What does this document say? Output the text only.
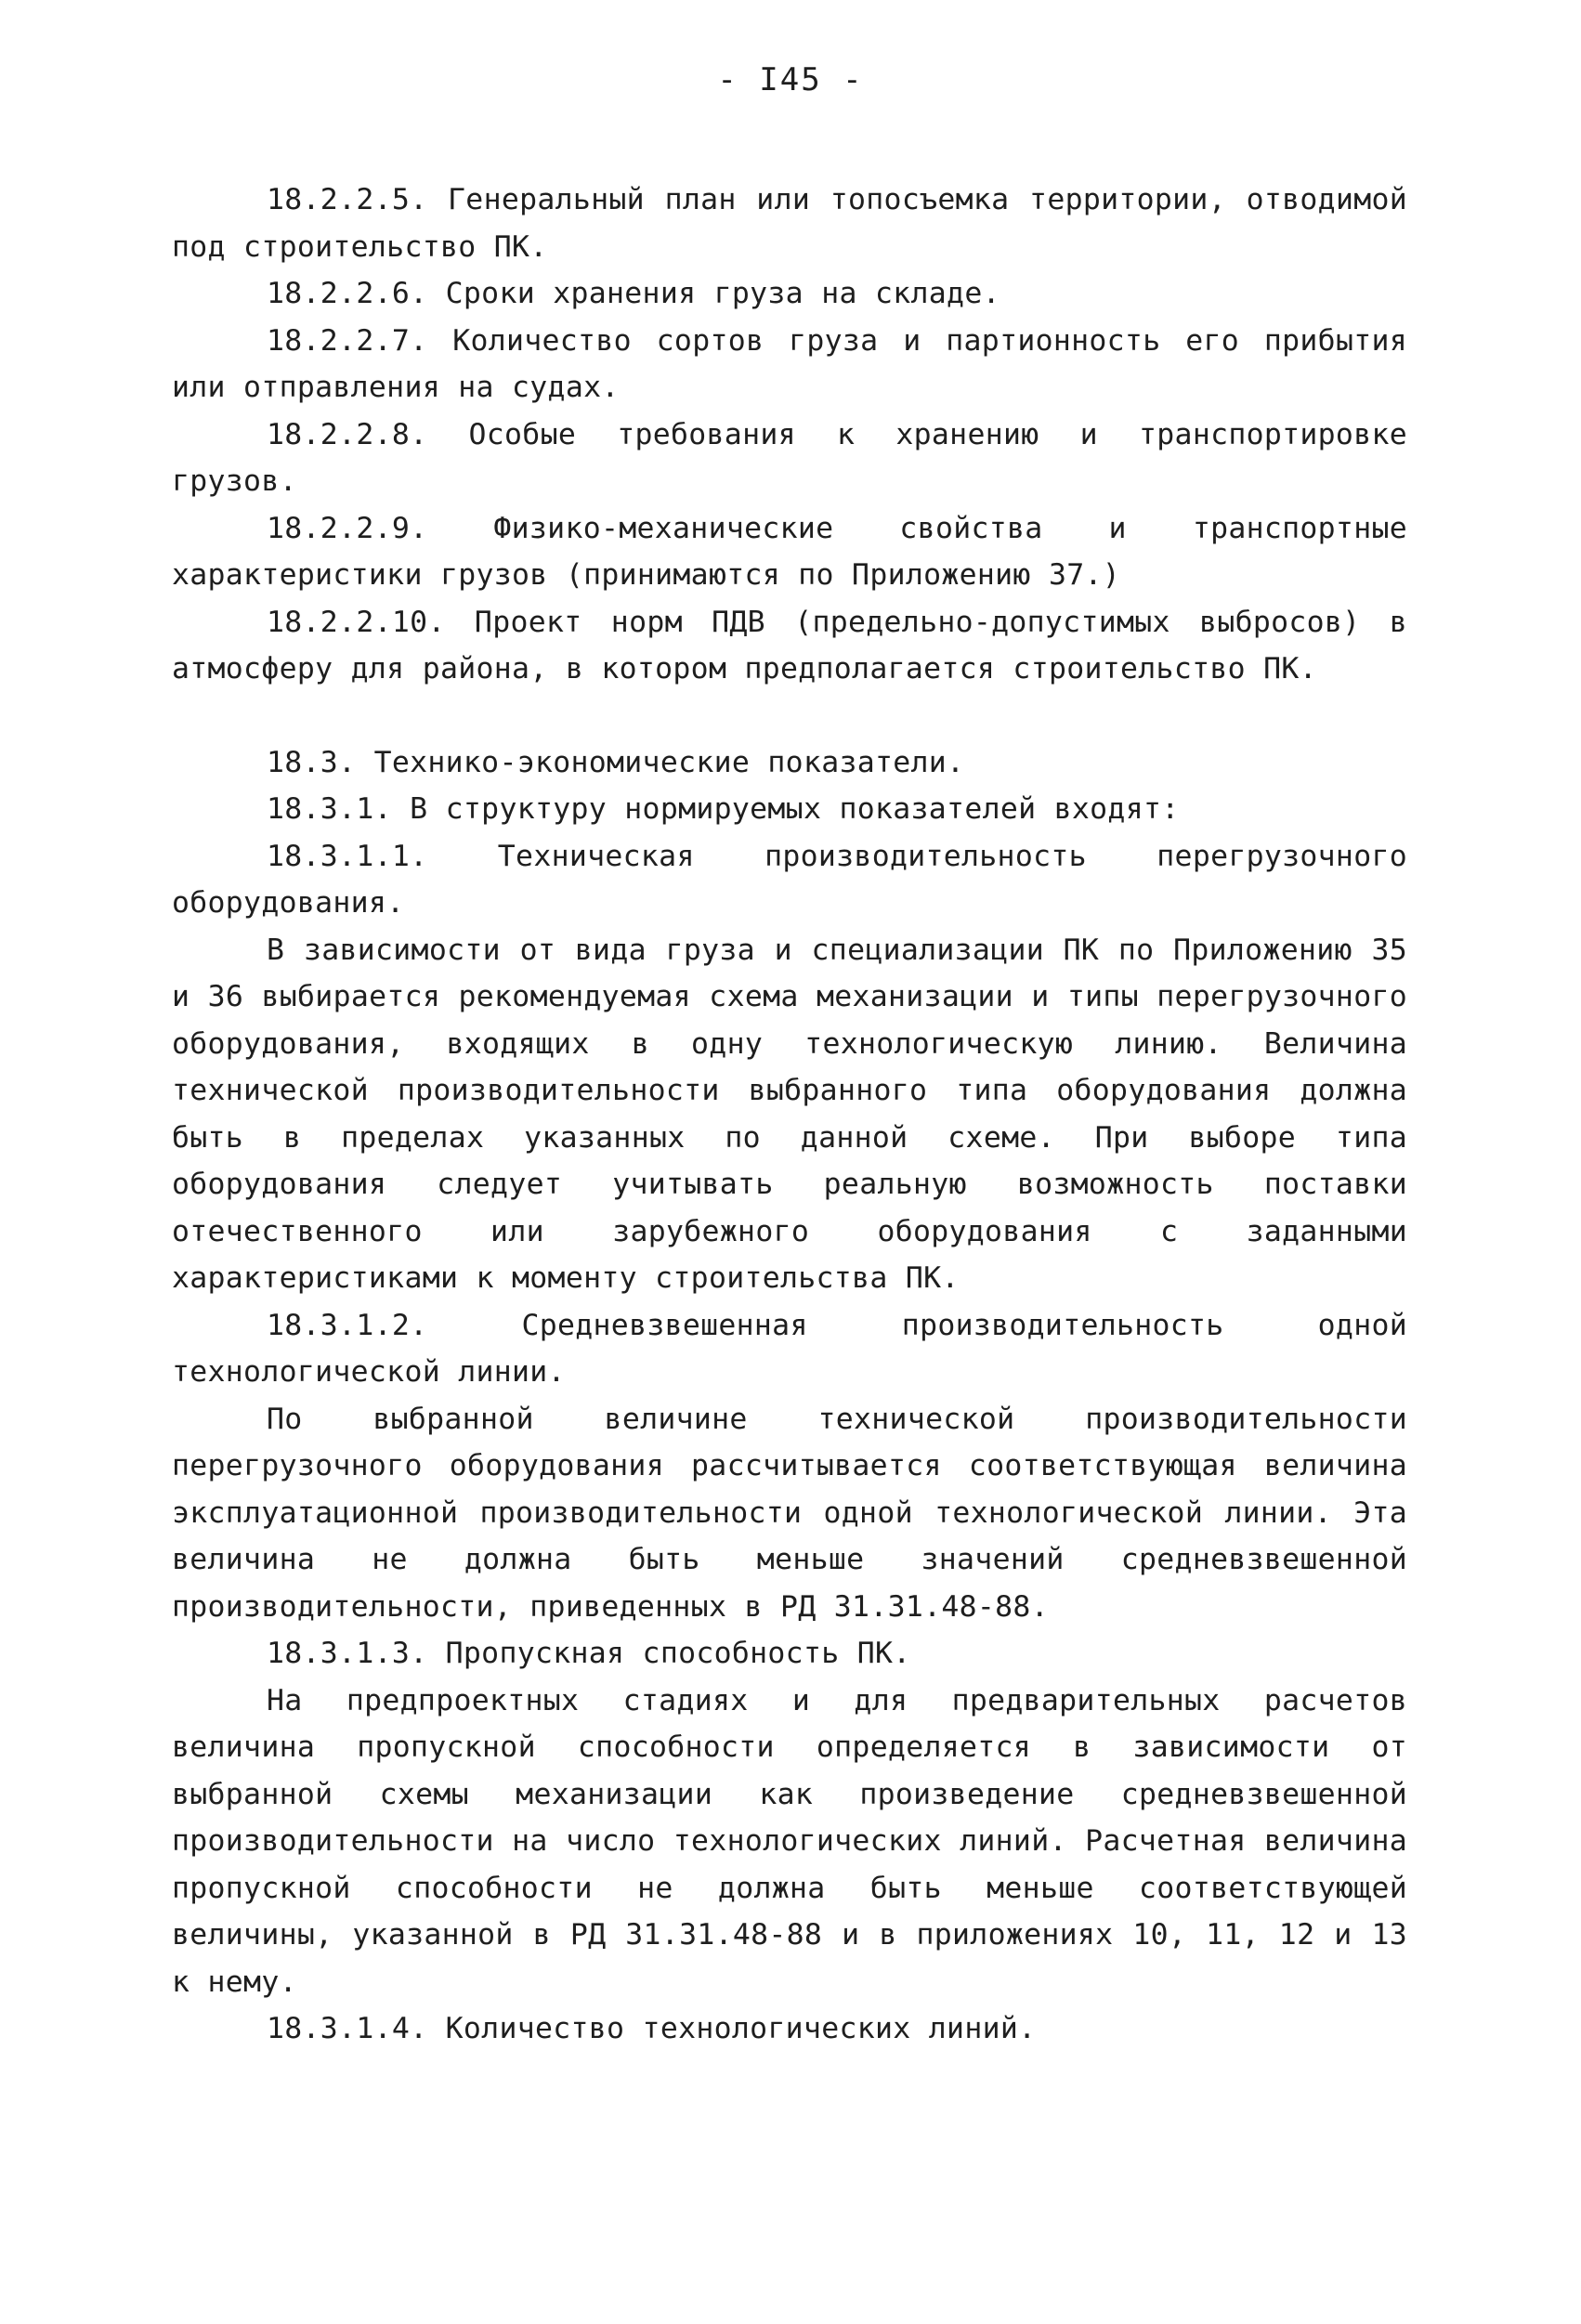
- I45 -

18.2.2.5. Генеральный план или топосъемка территории, отводимой под строительство ПК.

18.2.2.6. Сроки хранения груза на складе.

18.2.2.7. Количество сортов груза и партионность его прибытия или отправления на судах.

18.2.2.8. Особые требования к хранению и транспортировке грузов.

18.2.2.9. Физико-механические свойства и транспортные характеристики грузов (принимаются по Приложению 37.)

18.2.2.10. Проект норм ПДВ (предельно-допустимых выбросов) в атмосферу для района, в котором предполагается строительство ПК.

18.3. Технико-экономические показатели.

18.3.1. В структуру нормируемых показателей входят:

18.3.1.1. Техническая производительность перегрузочного оборудования.

В зависимости от вида груза и специализации ПК по Приложению 35 и 36 выбирается рекомендуемая схема механизации и типы перегрузочного оборудования, входящих в одну технологическую линию. Величина технической производительности выбранного типа оборудования должна быть в пределах указанных по данной схеме. При выборе типа оборудования следует учитывать реальную возможность поставки отечественного или зарубежного оборудования с заданными характеристиками к моменту строительства ПК.

18.3.1.2. Средневзвешенная производительность одной технологической линии.

По выбранной величине технической производительности перегрузочного оборудования рассчитывается соответствующая величина эксплуатационной производительности одной технологической линии. Эта величина не должна быть меньше значений средневзвешенной производительности, приведенных в РД 31.31.48-88.

18.3.1.3. Пропускная способность ПК.

На предпроектных стадиях и для предварительных расчетов величина пропускной способности определяется в зависимости от выбранной схемы механизации как произведение средневзвешенной производительности на число технологических линий. Расчетная величина пропускной способности не должна быть меньше соответствующей величины, указанной в РД 31.31.48-88 и в приложениях 10, 11, 12 и 13 к нему.

18.3.1.4. Количество технологических линий.
